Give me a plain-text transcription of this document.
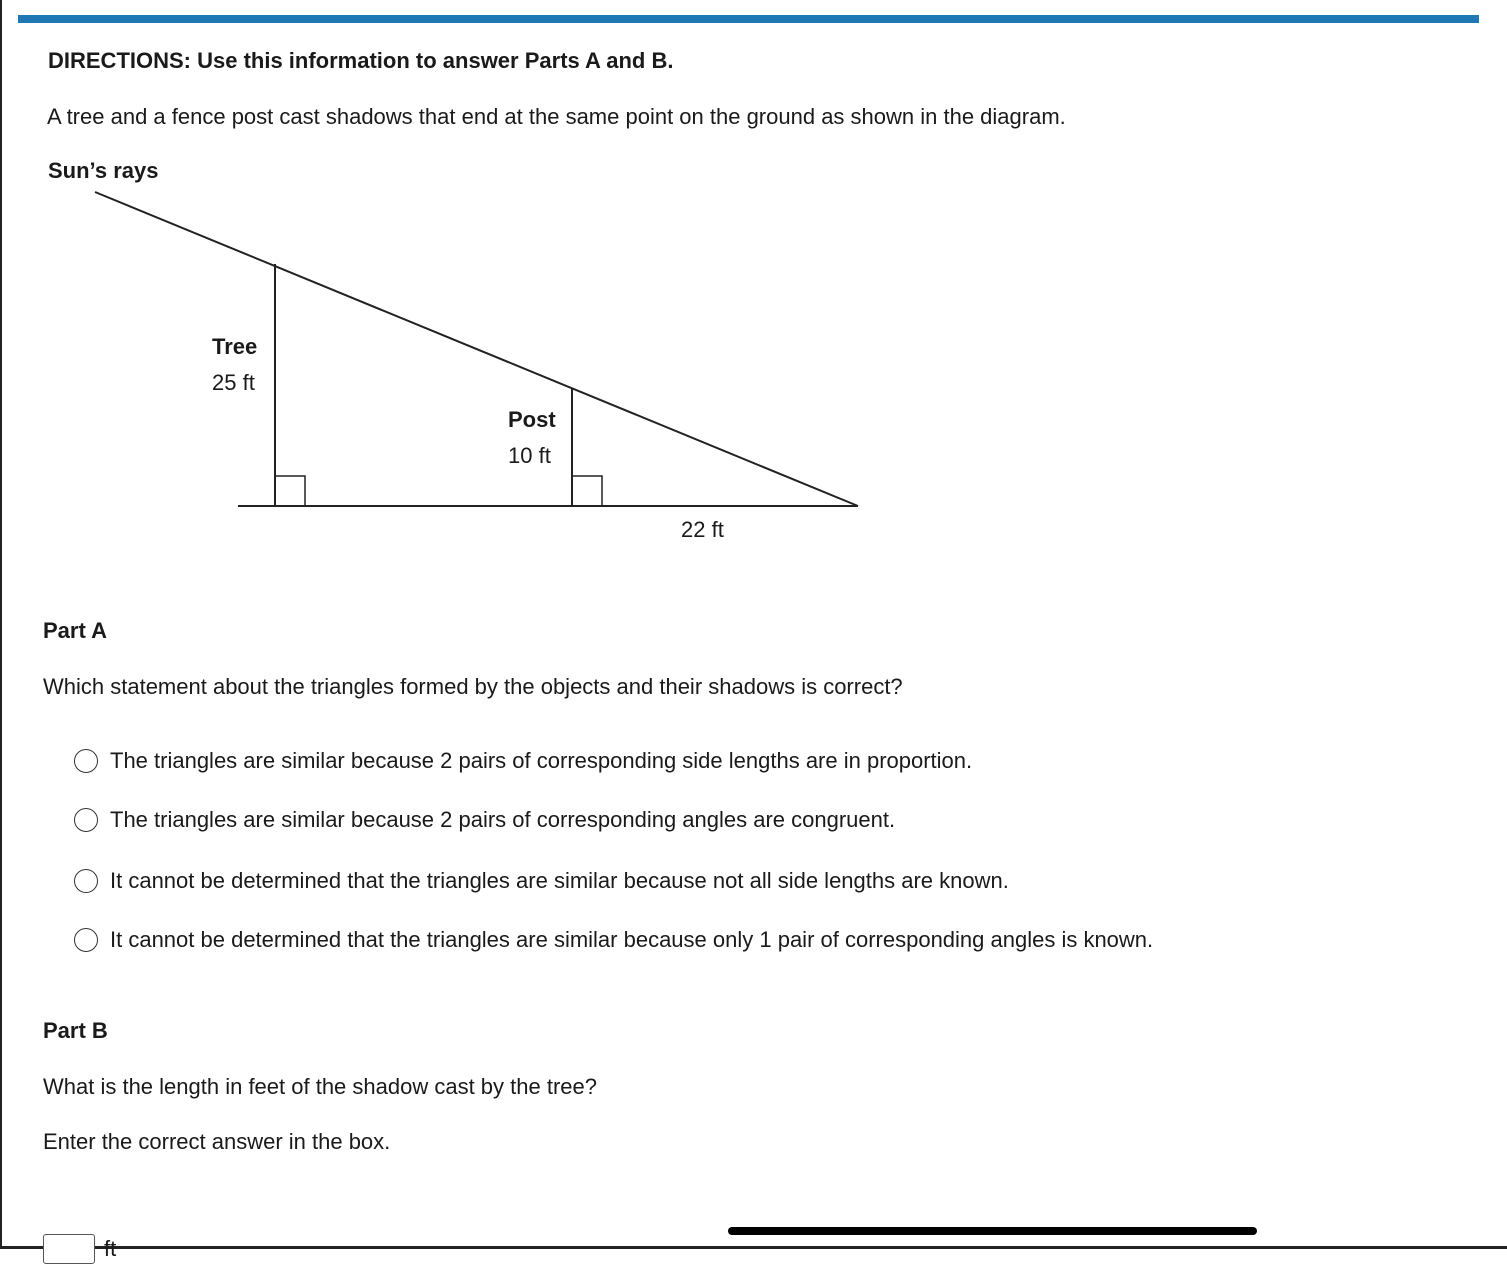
DIRECTIONS: Use this information to answer Parts A and B.
A tree and a fence post cast shadows that end at the same point on the ground as shown in the diagram.
Sun’s rays
Tree
25 ft
Post
10 ft
22 ft
Part A
Which statement about the triangles formed by the objects and their shadows is correct?
The triangles are similar because 2 pairs of corresponding side lengths are in proportion.
The triangles are similar because 2 pairs of corresponding angles are congruent.
It cannot be determined that the triangles are similar because not all side lengths are known.
It cannot be determined that the triangles are similar because only 1 pair of corresponding angles is known.
Part B
What is the length in feet of the shadow cast by the tree?
Enter the correct answer in the box.
ft
